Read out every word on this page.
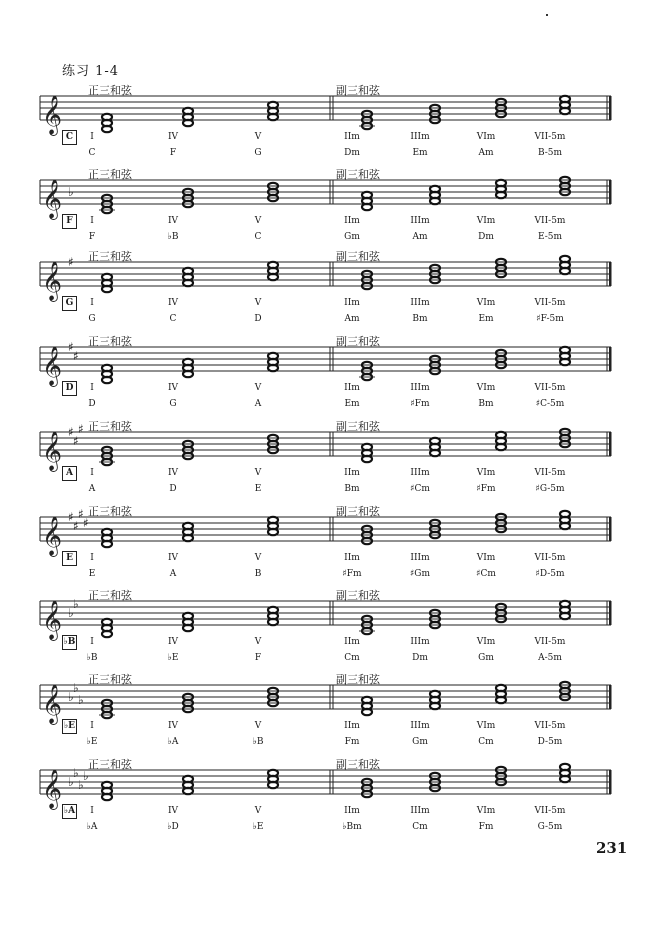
练习 1-4
𝄞
𝄞 ♭
𝄞 ♯
𝄞 ♯
♯
𝄞 ♯
♯
♯
𝄞 ♯
♯
♯
♯
𝄞 ♭
♭
𝄞 ♭
♭
♭
𝄞 ♭
♭
♭
♭
正三和弦	副三和弦
C	I	IV	V	IIm	IIIm	VIm	VII-5m
C	F	G	Dm	Em	Am	B-5m
正三和弦	副三和弦
F	I	IV	V	IIm	IIIm	VIm	VII-5m
F	♭B	C	Gm	Am	Dm	E-5m
正三和弦	副三和弦
G	I	IV	V	IIm	IIIm	VIm	VII-5m
G	C	D	Am	Bm	Em	♯F-5m
正三和弦	副三和弦
D	I	IV	V	IIm	IIIm	VIm	VII-5m
D	G	A	Em	♯Fm	Bm	♯C-5m
正三和弦	副三和弦
A	I	IV	V	IIm	IIIm	VIm	VII-5m
A	D	E	Bm	♯Cm	♯Fm	♯G-5m
正三和弦	副三和弦
E	I	IV	V	IIm	IIIm	VIm	VII-5m
E	A	B	♯Fm	♯Gm	♯Cm	♯D-5m
正三和弦	副三和弦
♭B I	IV	V	IIm	IIIm	VIm	VII-5m
♭B	♭E	F	Cm	Dm	Gm	A-5m
正三和弦	副三和弦
♭E I	IV	V	IIm	IIIm	VIm	VII-5m
♭E	♭A	♭B	Fm	Gm	Cm	D-5m
正三和弦	副三和弦
♭A I	IV	V	IIm	IIIm	VIm	VII-5m
♭A	♭D	♭E	♭Bm	Cm	Fm	G-5m
231
